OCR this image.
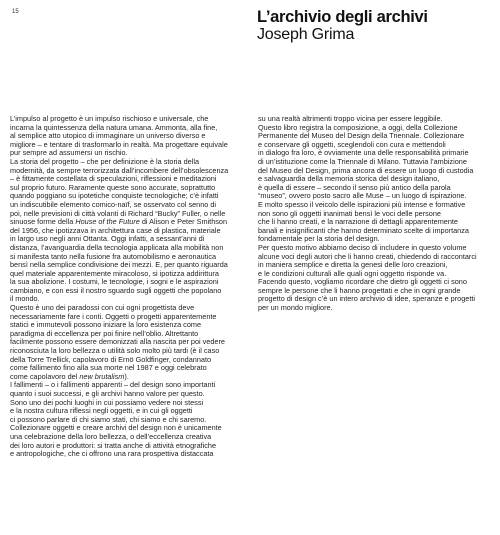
15	L’archivio degli archivi
Joseph Grima
L’impulso al progetto è un impulso rischioso e universale, che
incarna la quintessenza della natura umana. Ammonta, alla fine,
al semplice atto utopico di immaginare un universo diverso e
migliore – e tentare di trasformarlo in realtà. Ma progettare equivale
pur sempre ad assumersi un rischio.
La storia del progetto – che per definizione è la storia della
modernità, da sempre terrorizzata dall’incombere dell’obsolescenza
– è fittamente costellata di speculazioni, riflessioni e meditazioni
sul proprio futuro. Raramente queste sono accurate, soprattutto
quando poggiano su ipotetiche conquiste tecnologiche; c’è infatti
un indiscutibile elemento comico-naïf, se osservato col senno di
poi, nelle previsioni di città volanti di Richard “Bucky” Fuller, o nelle
sinuose forme della House of the Future di Alison e Peter Smithson
del 1956, che ipotizzava in architettura case di plastica, materiale
in largo uso negli anni Ottanta. Oggi infatti, a sessant’anni di
distanza, l’avanguardia della tecnologia applicata alla mobilità non
si manifesta tanto nella fusione fra automobilismo e aeronautica
bensì nella semplice condivisione dei mezzi. E, per quanto riguarda
quel materiale apparentemente miracoloso, si ipotizza addirittura
la sua abolizione. I costumi, le tecnologie, i sogni e le aspirazioni
cambiano, e con essi il nostro sguardo sugli oggetti che popolano
il mondo.
Questo è uno dei paradossi con cui ogni progettista deve
necessariamente fare i conti. Oggetti o progetti apparentemente
statici e immutevoli possono iniziare la loro esistenza come
paradigma di eccellenza per poi finire nell’oblio. Altrettanto
facilmente possono essere demonizzati alla nascita per poi vedere
riconosciuta la loro bellezza o utilità solo molto più tardi (è il caso
della Torre Trellick, capolavoro di Ernö Goldfinger, condannato
come fallimento fino alla sua morte nel 1987 e oggi celebrato
come capolavoro del new brutalism).
I fallimenti – o i fallimenti apparenti – del design sono importanti
quanto i suoi successi, e gli archivi hanno valore per questo.
Sono uno dei pochi luoghi in cui possiamo vedere noi stessi
e la nostra cultura riflessi negli oggetti, e in cui gli oggetti
ci possono parlare di chi siamo stati, chi siamo e chi saremo.
Collezionare oggetti e creare archivi del design non è unicamente
una celebrazione della loro bellezza, o dell’eccellenza creativa
dei loro autori e produttori: si tratta anche di attività etnografiche
e antropologiche, che ci offrono una rara prospettiva distaccata
su una realtà altrimenti troppo vicina per essere leggibile.
Questo libro registra la composizione, a oggi, della Collezione
Permanente del Museo del Design della Triennale. Collezionare
e conservare gli oggetti, sceglendoli con cura e mettendoli
in dialogo fra loro, è ovviamente una delle responsabilità primarie
di un’istituzione come la Triennale di Milano. Tuttavia l’ambizione
del Museo del Design, prima ancora di essere un luogo di custodia
e salvaguardia della memoria storica del design italiano,
è quella di essere – secondo il senso più antico della parola
“museo”, ovvero posto sacro alle Muse – un luogo di ispirazione.
E molto spesso il veicolo delle ispirazioni più intense e formative
non sono gli oggetti inanimati bensì le voci delle persone
che li hanno creati, e la narrazione di dettagli apparentemente
banali e insignificanti che hanno determinato scelte di importanza
fondamentale per la storia del design.
Per questo motivo abbiamo deciso di includere in questo volume
alcune voci degli autori che li hanno creati, chiedendo di raccontarci
in maniera semplice e diretta la genesi delle loro creazioni,
e le condizioni culturali alle quali ogni oggetto risponde va.
Facendo questo, vogliamo ricordare che dietro gli oggetti ci sono
sempre le persone che li hanno progettati e che in ogni grande
progetto di design c’è un intero archivio di idee, speranze e progetti
per un mondo migliore.
